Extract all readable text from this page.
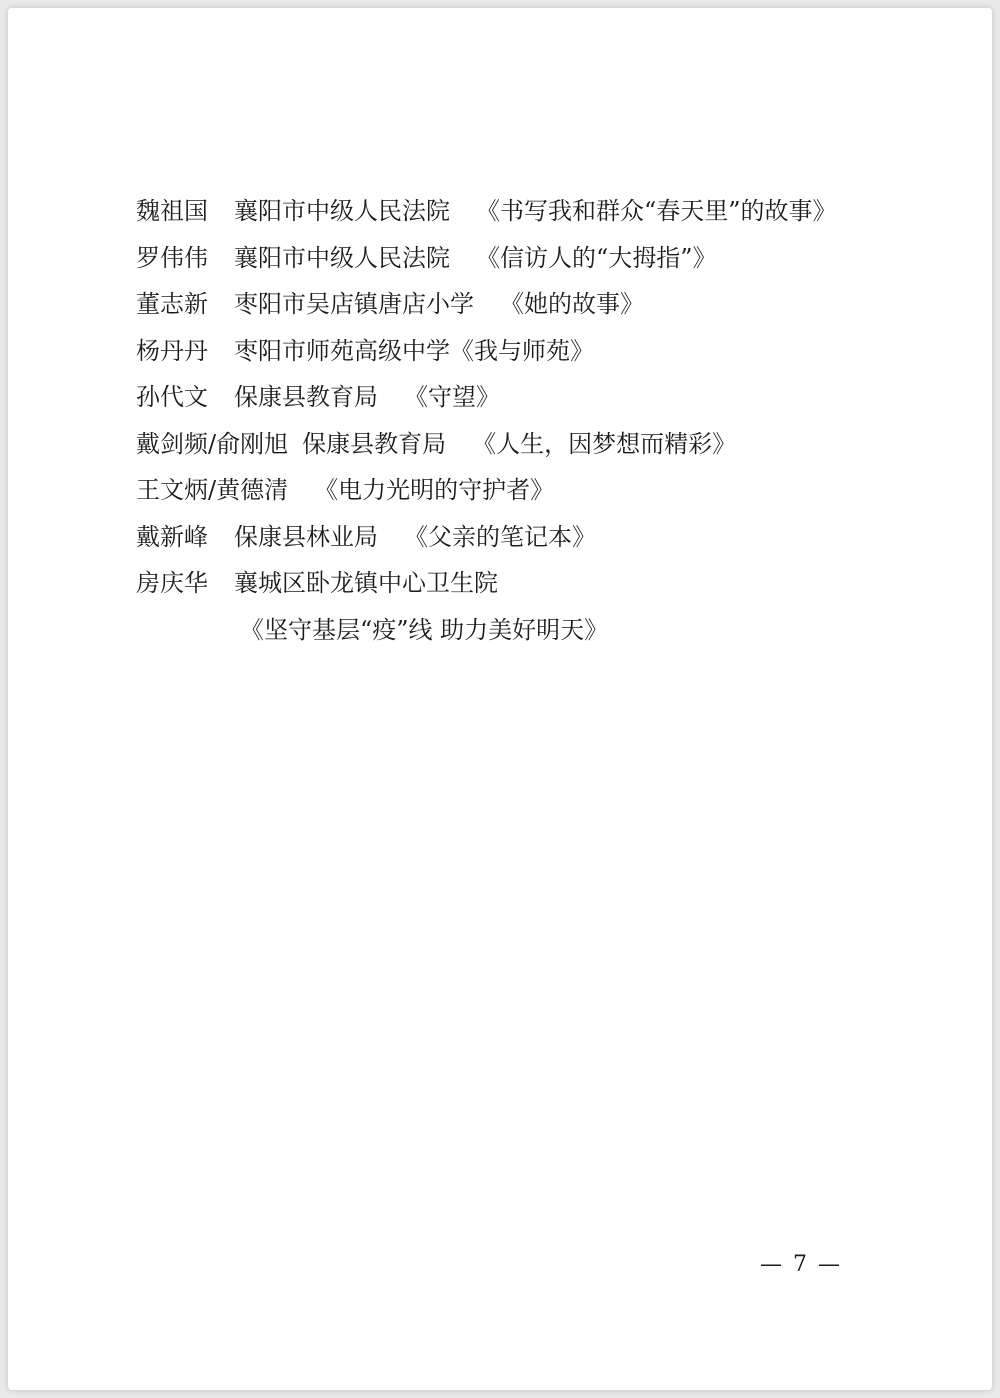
魏祖国 襄阳市中级人民法院 《书写我和群众“春天里”的故事》
罗伟伟 襄阳市中级人民法院 《信访人的“大拇指”》
董志新 枣阳市吴店镇唐店小学 《她的故事》
杨丹丹 枣阳市师苑高级中学《我与师苑》
孙代文 保康县教育局 《守望》
戴剑频/俞刚旭 保康县教育局 《人生，因梦想而精彩》
王文炳/黄德清 《电力光明的守护者》
戴新峰 保康县林业局 《父亲的笔记本》
房庆华 襄城区卧龙镇中心卫生院
《坚守基层“疫”线 助力美好明天》
— 7 —
